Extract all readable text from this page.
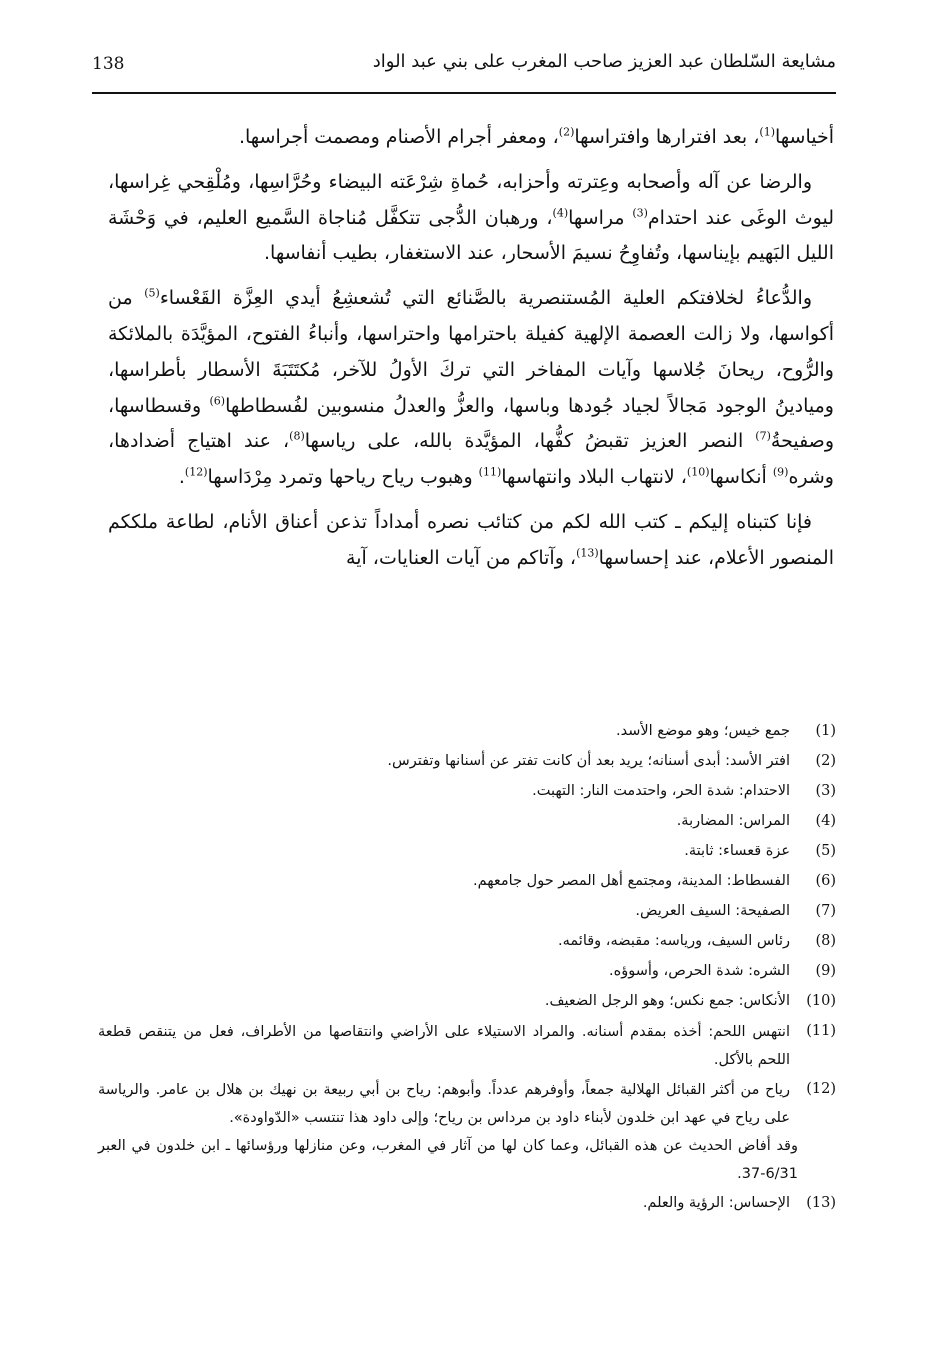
مشايعة السّلطان عبد العزيز صاحب المغرب على بني عبد الواد
138

أخياسها$^{(1)}$، بعد افترارها وافتراسها$^{(2)}$، ومعفر أجرام الأصنام ومصمت أجراسها.

والرضا عن آله وأصحابه وعِترته وأحزابه، حُماةِ شِرْعَته البيضاء وحُرَّاسِها، ومُلْقِحي غِراسها، ليوث الوغَى عند احتدام$^{(3)}$ مراسها$^{(4)}$، ورهبان الدُّجى تتكفَّل مُناجاة السَّميع العليم، في وَحْشَة الليل البَهيم بإيناسها، وتُفاوِحُ نسيمَ الأسحار، عند الاستغفار، بطيب أنفاسها.

والدُّعاءُ لخلافتكم العلية المُستنصرية بالصَّنائع التي تُشعشِعُ أيدي العِزَّة القَعْساء$^{(5)}$ من أكواسها، ولا زالت العصمة الإلهية كفيلة باحترامها واحتراسها، وأنباءُ الفتوح، المؤيَّدَة بالملائكة والرُّوح، ريحانَ جُلاسها وآيات المفاخر التي تركَ الأولُ للآخر، مُكتَتَبَةَ الأسطار بأطراسها، وميادينُ الوجود مَجالاً لجياد جُودها وباسها، والعزُّ والعدلُ منسوبين لفُسطاطها$^{(6)}$ وقسطاسها، وصفيحةُ$^{(7)}$ النصر العزيز تقبضُ كفُّها، المؤيَّدة بالله، على رياسها$^{(8)}$، عند اهتياج أضدادها، وشره$^{(9)}$ أنكاسها$^{(10)}$، لانتهاب البلاد وانتهاسها$^{(11)}$ وهبوب رياح رياحها وتمرد مِرْدَاسها$^{(12)}$.

فإنا كتبناه إليكم ـ كتب الله لكم من كتائب نصره أمداداً تذعن أعناق الأنام، لطاعة ملككم المنصور الأعلام، عند إحساسها$^{(13)}$، وآتاكم من آيات العنايات، آية

(1)
جمع خيس؛ وهو موضع الأسد.
(2)
افتر الأسد: أبدى أسنانه؛ يريد بعد أن كانت تفتر عن أسنانها وتفترس.
(3)
الاحتدام: شدة الحر، واحتدمت النار: التهبت.
(4)
المراس: المضاربة.
(5)
عزة قعساء: ثابتة.
(6)
الفسطاط: المدينة، ومجتمع أهل المصر حول جامعهم.
(7)
الصفيحة: السيف العريض.
(8)
رئاس السيف، ورياسه: مقبضه، وقائمه.
(9)
الشره: شدة الحرص، وأسوؤه.
(10)
الأنكاس: جمع نكس؛ وهو الرجل الضعيف.
(11)
انتهس اللحم: أخذه بمقدم أسنانه. والمراد الاستيلاء على الأراضي وانتقاصها من الأطراف، فعل من يتنقص قطعة اللحم بالأكل.
(12)
رياح من أكثر القبائل الهلالية جمعاً، وأوفرهم عدداً. وأبوهم: رياح بن أبي ربيعة بن نهيك بن هلال بن عامر. والرياسة على رياح في عهد ابن خلدون لأبناء داود بن مرداس بن رياح؛ وإلى داود هذا تنتسب «الدّواودة».
وقد أفاض الحديث عن هذه القبائل، وعما كان لها من آثار في المغرب، وعن منازلها ورؤسائها ـ ابن خلدون في العبر 6/31-37.
(13)
الإحساس: الرؤية والعلم.
